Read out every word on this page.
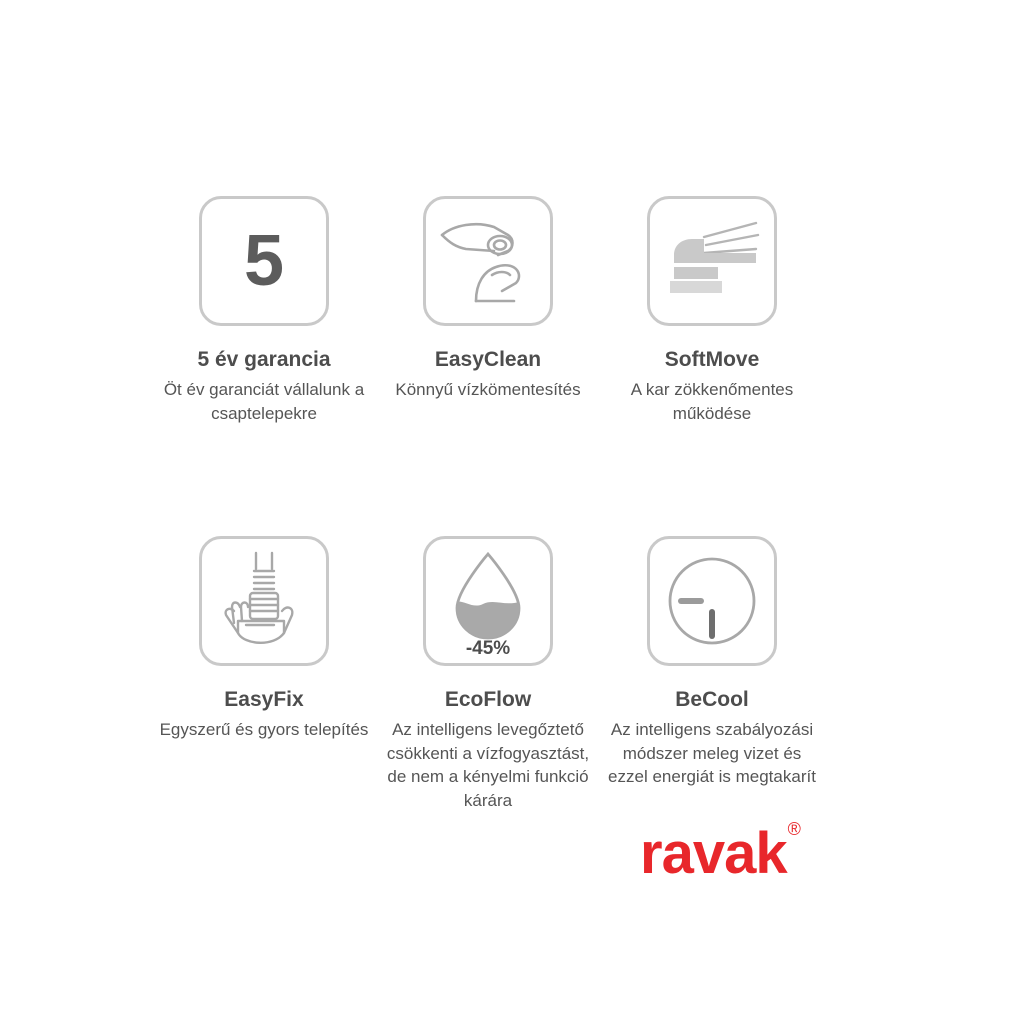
5
5 év garancia
Öt év garanciát vállalunk a csaptelepekre
EasyClean
Könnyű vízkömentesítés
SoftMove
A kar zökkenőmentes működése
EasyFix
Egyszerű és gyors telepítés
-45%
EcoFlow
Az intelligens levegőztető csökkenti a vízfogyasztást, de nem a kényelmi funkció kárára
BeCool
Az intelligens szabályozási módszer meleg vizet és ezzel energiát is megtakarít
ravak®
